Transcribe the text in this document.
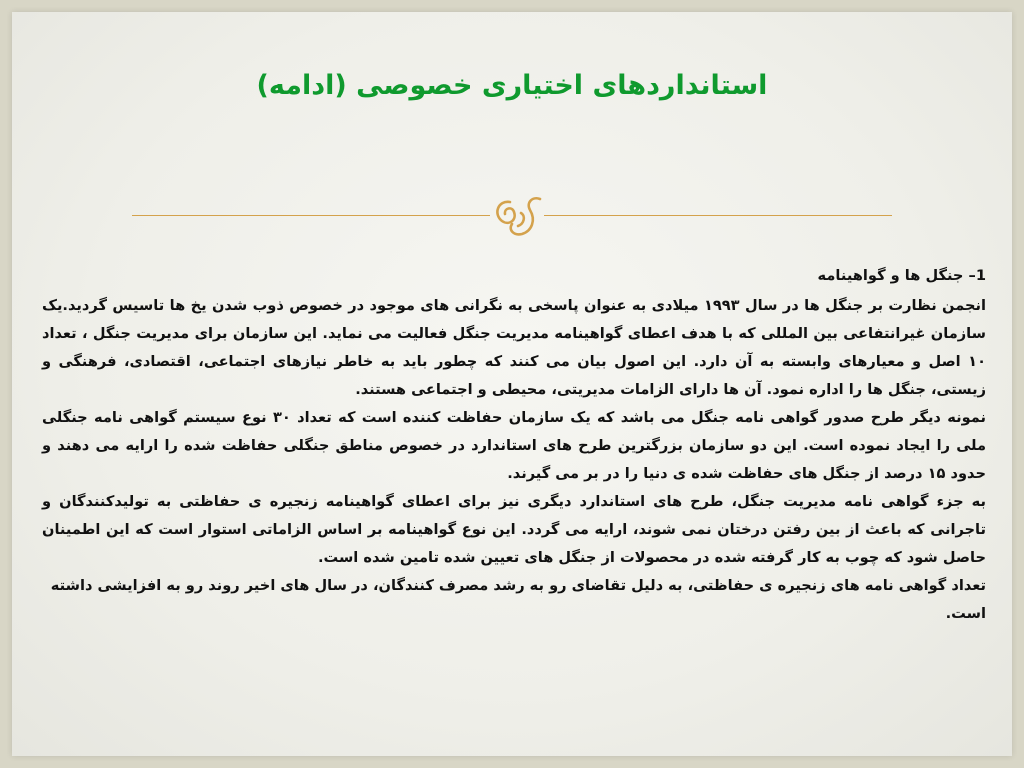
استانداردهای اختیاری خصوصی (ادامه)

1– جنگل ها و گواهینامه

انجمن نظارت بر جنگل ها در سال ۱۹۹۳ میلادی به عنوان پاسخی به نگرانی های موجود در خصوص ذوب شدن یخ ها تاسیس گردید.یک سازمان غیرانتفاعی بین المللی که با هدف اعطای گواهینامه مدیریت جنگل فعالیت می نماید. این سازمان برای مدیریت جنگل ، تعداد ۱۰ اصل و معیارهای وابسته به آن دارد. این اصول بیان می کنند که چطور باید به خاطر نیازهای اجتماعی، اقتصادی، فرهنگی و زیستی، جنگل ها را اداره نمود. آن ها دارای الزامات مدیریتی، محیطی و اجتماعی هستند.

نمونه دیگر طرح صدور گواهی نامه جنگل می باشد که یک سازمان حفاظت کننده است که تعداد ۳۰ نوع سیستم گواهی نامه جنگلی ملی را ایجاد نموده است. این دو سازمان بزرگترین طرح های استاندارد در خصوص مناطق جنگلی حفاظت شده را ارایه می دهند و حدود ۱۵ درصد از جنگل های حفاظت شده ی دنیا را در بر می گیرند.

به جزء گواهی نامه مدیریت جنگل، طرح های استاندارد دیگری نیز برای اعطای گواهینامه زنجیره ی حفاظتی به تولیدکنندگان و تاجرانی که باعث از بین رفتن درختان نمی شوند، ارایه می گردد. این نوع گواهینامه بر اساس الزاماتی استوار است که این اطمینان حاصل شود که چوب به کار گرفته شده در محصولات از جنگل های تعیین شده تامین شده است.

تعداد گواهی نامه های زنجیره ی حفاظتی، به دلیل تقاضای رو به رشد مصرف کنندگان، در سال های اخیر روند رو به افزایشی داشته است.
